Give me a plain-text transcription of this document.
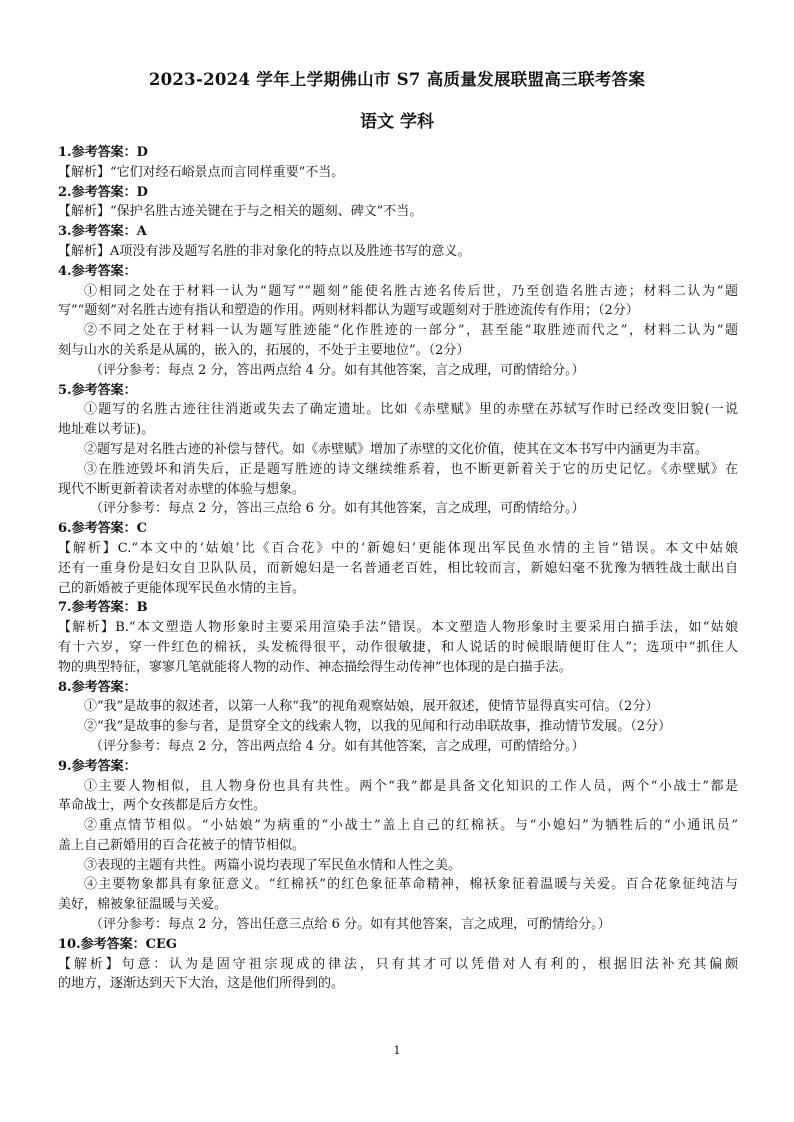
2023-2024 学年上学期佛山市 S7 高质量发展联盟高三联考答案
语文 学科
1.参考答案：D
【解析】“它们对经石峪景点而言同样重要”不当。
2.参考答案：D
【解析】“保护名胜古迹关键在于与之相关的题刻、碑文”不当。
3.参考答案：A
【解析】A项没有涉及题写名胜的非对象化的特点以及胜迹书写的意义。
4.参考答案：
①相同之处在于材料一认为“题写”“题刻”能使名胜古迹名传后世，乃至创造名胜古迹；材料二认为“题
写”“题刻”对名胜古迹有指认和塑造的作用。两则材料都认为题写或题刻对于胜迹流传有作用；（2分）
②不同之处在于材料一认为题写胜迹能“化作胜迹的一部分”，甚至能“取胜迹而代之”，材料二认为“题
刻与山水的关系是从属的，嵌入的，拓展的，不处于主要地位”。（2分）
（评分参考：每点 2 分，答出两点给 4 分。如有其他答案，言之成理，可酌情给分。）
5.参考答案：
①题写的名胜古迹往往消逝或失去了确定遗址。比如《赤壁赋》里的赤壁在苏轼写作时已经改变旧貌(一说
地址难以考证)。
②题写是对名胜古迹的补偿与替代。如《赤壁赋》增加了赤壁的文化价值，使其在文本书写中内涵更为丰富。
③在胜迹毁坏和消失后，正是题写胜迹的诗文继续维系着，也不断更新着关于它的历史记忆。《赤壁赋》在
现代不断更新着读者对赤壁的体验与想象。
（评分参考：每点 2 分，答出三点给 6 分。如有其他答案，言之成理，可酌情给分。）
6.参考答案：C
【解析】C.“本文中的‘姑娘’比《百合花》中的‘新媳妇’更能体现出军民鱼水情的主旨”错误。本文中姑娘
还有一重身份是妇女自卫队队员，而新媳妇是一名普通老百姓，相比较而言，新媳妇毫不犹豫为牺牲战士献出自
己的新婚被子更能体现军民鱼水情的主旨。
7.参考答案：B
【解析】B.“本文塑造人物形象时主要采用渲染手法”错误。本文塑造人物形象时主要采用白描手法，如“姑娘
有十六岁，穿一件红色的棉袄，头发梳得很平，动作很敏捷，和人说话的时候眼睛便盯住人”；选项中“抓住人
物的典型特征，寥寥几笔就能将人物的动作、神态描绘得生动传神”也体现的是白描手法。
8.参考答案：
①“我”是故事的叙述者，以第一人称“我”的视角观察姑娘，展开叙述，使情节显得真实可信。（2分）
②“我”是故事的参与者，是贯穿全文的线索人物，以我的见闻和行动串联故事，推动情节发展。（2分）
（评分参考：每点 2 分，答出两点给 4 分。如有其他答案，言之成理，可酌情给分。）
9.参考答案：
①主要人物相似，且人物身份也具有共性。两个“我”都是具备文化知识的工作人员，两个“小战士”都是
革命战士，两个女孩都是后方女性。
②重点情节相似。“小姑娘”为病重的“小战士”盖上自己的红棉袄。与“小媳妇”为牺牲后的“小通讯员”
盖上自己新婚用的百合花被子的情节相似。
③表现的主题有共性。两篇小说均表现了军民鱼水情和人性之美。
④主要物象都具有象征意义。“红棉袄”的红色象征革命精神，棉袄象征着温暖与关爱。百合花象征纯洁与
美好，棉被象征温暖与关爱。
（评分参考：每点 2 分，答出任意三点给 6 分。如有其他答案，言之成理，可酌情给分。）
10.参考答案：CEG
【解析】句意：认为是固守祖宗现成的律法，只有其才可以凭借对人有利的，根据旧法补充其偏颇
的地方，逐渐达到天下大治，这是他们所得到的。
1
